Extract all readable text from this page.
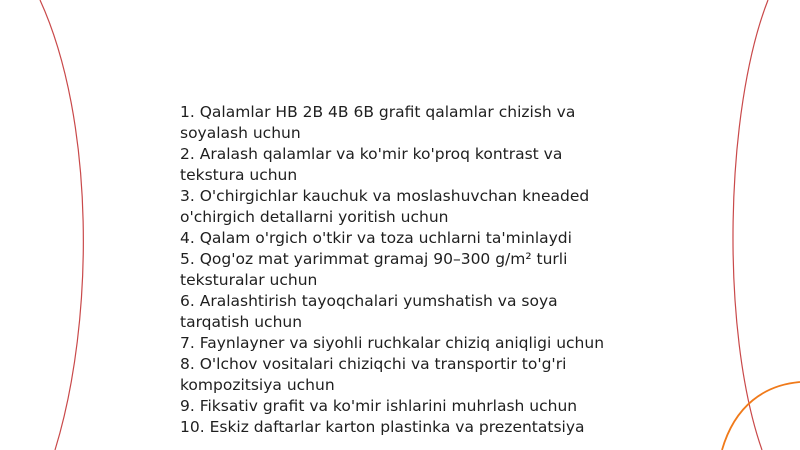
1. Qalamlar HB 2B 4B 6B grafit qalamlar chizish va soyalash uchun
2. Aralash qalamlar va ko'mir ko'proq kontrast va tekstura uchun
3. O'chirgichlar kauchuk va moslashuvchan kneaded o'chirgich detallarni yoritish uchun
4. Qalam o'rgich o'tkir va toza uchlarni ta'minlaydi
5. Qog'oz mat yarimmat gramaj 90–300 g/m² turli teksturalar uchun
6. Aralashtirish tayoqchalari yumshatish va soya tarqatish uchun
7. Faynlayner va siyohli ruchkalar chiziq aniqligi uchun
8. O'lchov vositalari chiziqchi va transportir to'g'ri kompozitsiya uchun
9. Fiksativ grafit va ko'mir ishlarini muhrlash uchun
10. Eskiz daftarlar karton plastinka va prezentatsiya
